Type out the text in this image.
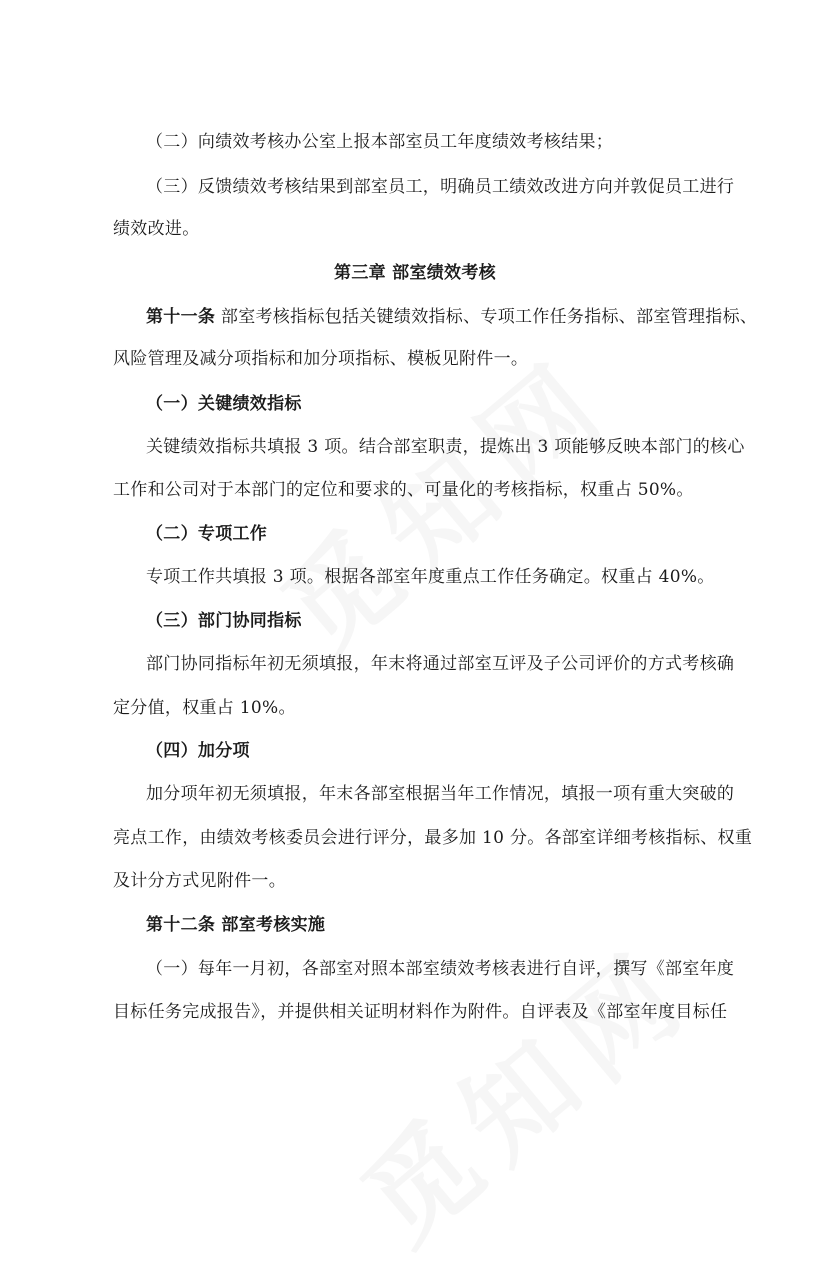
（二）向绩效考核办公室上报本部室员工年度绩效考核结果；
（三）反馈绩效考核结果到部室员工，明确员工绩效改进方向并敦促员工进行
绩效改进。
第三章 部室绩效考核
第十一条 部室考核指标包括关键绩效指标、专项工作任务指标、部室管理指标、
风险管理及减分项指标和加分项指标、模板见附件一。
（一）关键绩效指标
关键绩效指标共填报 3 项。结合部室职责，提炼出 3 项能够反映本部门的核心
工作和公司对于本部门的定位和要求的、可量化的考核指标，权重占 50%。
（二）专项工作
专项工作共填报 3 项。根据各部室年度重点工作任务确定。权重占 40%。
（三）部门协同指标
部门协同指标年初无须填报，年末将通过部室互评及子公司评价的方式考核确
定分值，权重占 10%。
（四）加分项
加分项年初无须填报，年末各部室根据当年工作情况，填报一项有重大突破的
亮点工作，由绩效考核委员会进行评分，最多加 10 分。各部室详细考核指标、权重
及计分方式见附件一。
第十二条 部室考核实施
（一）每年一月初，各部室对照本部室绩效考核表进行自评，撰写《部室年度
目标任务完成报告》，并提供相关证明材料作为附件。自评表及《部室年度目标任
